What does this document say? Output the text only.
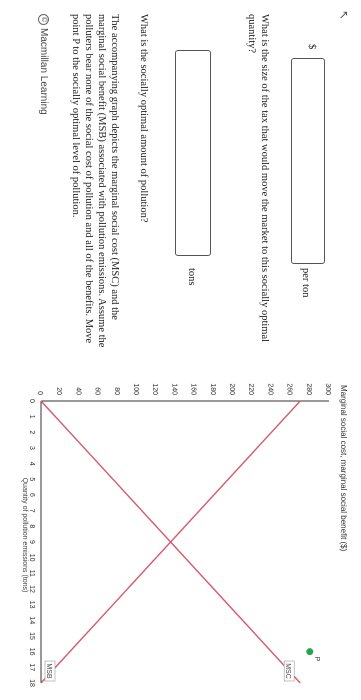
©
Macmillan Learning	The accompanying graph depicts the marginal social cost (MSC) and the marginal social benefit (MSB) associated with pollution emissions. Assume the polluters bear none of the social cost of pollution and all of the benefits. Move point P to the socially optimal level of pollution.	What is the socially optimal amount of pollution?
tons	What is the size of the tax that would move the market to this socially optimal quantity?	$
per ton
↖
Marginal social cost, marginal social benefit ($)
0
1
2
3
4
5
6
7
8
9
10
11
12
13
14
15
16
17
18
0 20 40 60 80 100 120 140 160 180 200 220 240 260 280 300
MSC
MSB
P
Quantity of pollution emissions (tons)
